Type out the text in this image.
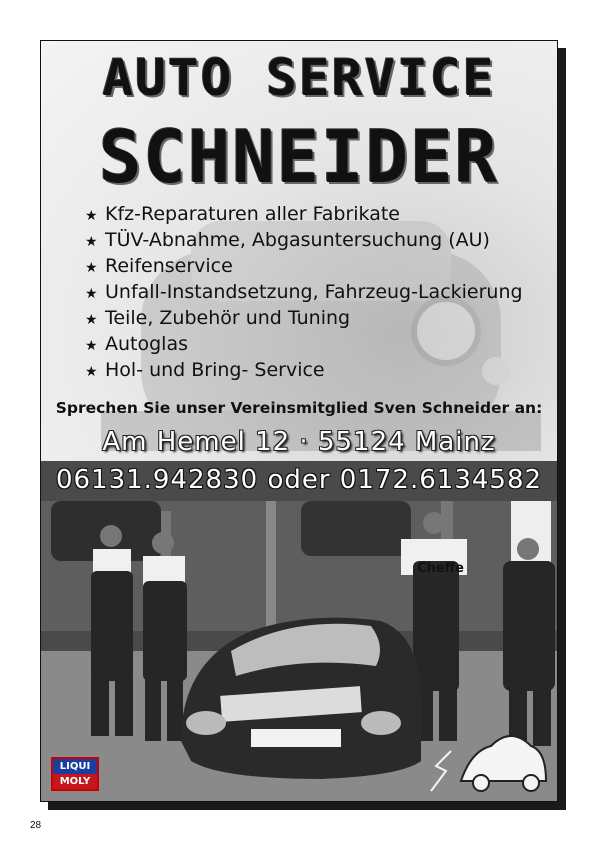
AUTO SERVICE
SCHNEIDER
★ Kfz-Reparaturen aller Fabrikate
★ TÜV-Abnahme, Abgasuntersuchung (AU)
★ Reifenservice
★ Unfall-Instandsetzung, Fahrzeug-Lackierung
★ Teile, Zubehör und Tuning
★ Autoglas
★ Hol- und Bring- Service
Sprechen Sie unser Vereinsmitglied Sven Schneider an:
Am Hemel 12 · 55124 Mainz
06131.942830 oder 0172.6134582
Cheffe
LIQUI
MOLY
28
